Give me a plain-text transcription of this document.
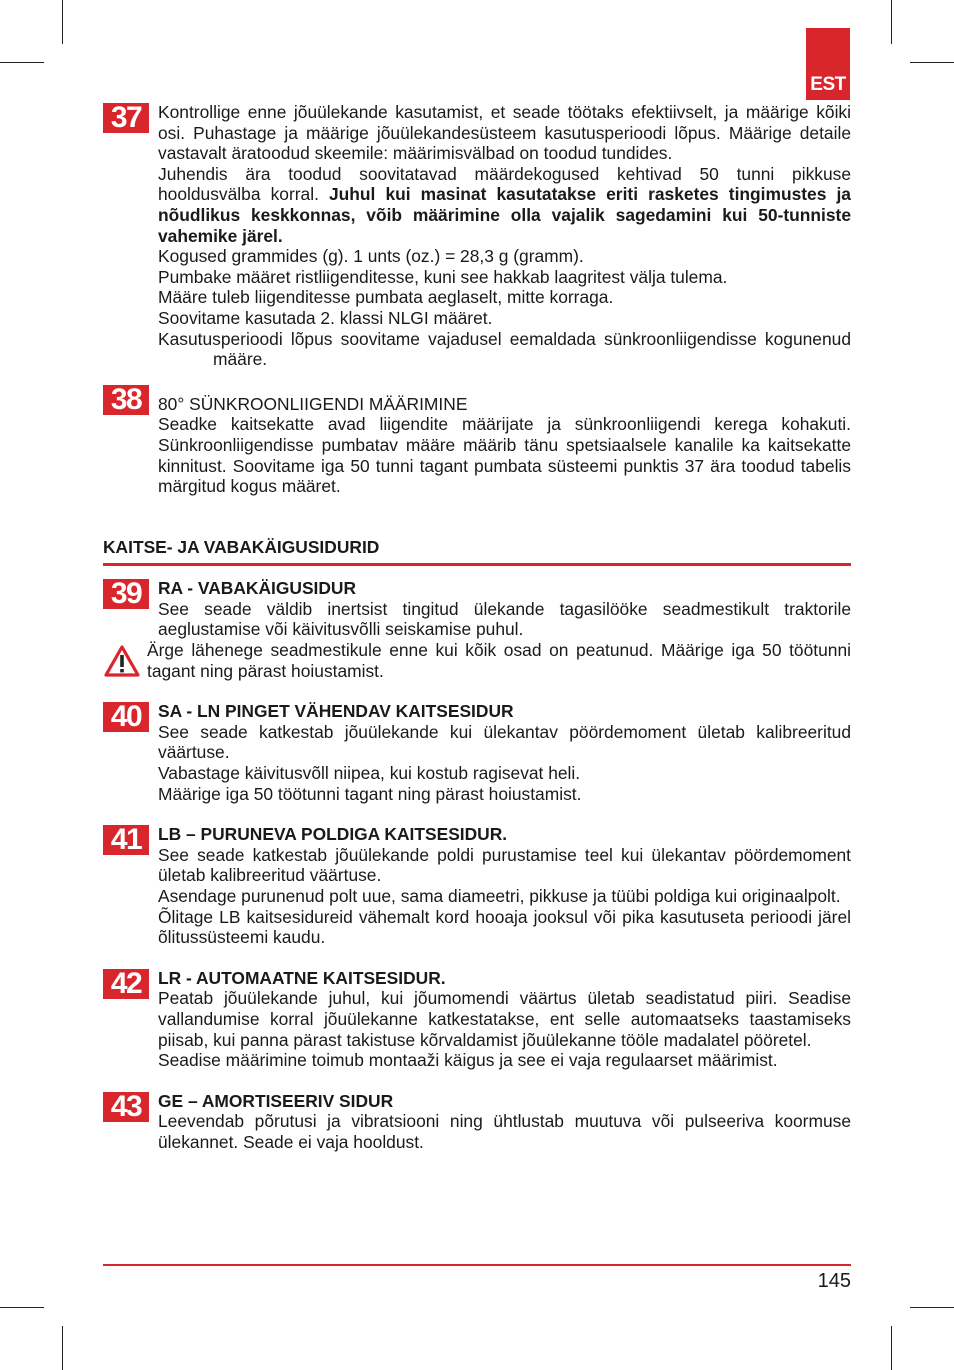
EST
37 Kontrollige enne jõuülekande kasutamist, et seade töötaks efektiivselt, ja määrige kõiki osi. Puhastage ja määrige jõuülekandesüsteem kasutusperioodi lõpus. Määrige detaile vastavalt äratoodud skeemile: määrimisvälbad on toodud tundides.

Juhendis ära toodud soovitatavad määrdekogused kehtivad 50 tunni pikkuse hooldusvälba korral. Juhul kui masinat kasutatakse eriti rasketes tingimustes ja nõudlikus keskkonnas, võib määrimine olla vajalik sagedamini kui 50-tunniste vahemike järel.

Kogused grammides (g). 1 unts (oz.) = 28,3 g (gramm).

Pumbake määret ristliigenditesse, kuni see hakkab laagritest välja tulema.

Määre tuleb liigenditesse pumbata aeglaselt, mitte korraga.

Soovitame kasutada 2. klassi NLGI määret.

Kasutusperioodi lõpus soovitame vajadusel eemaldada sünkroonliigendisse kogunenud määre.

38 80° SÜNKROONLIIGENDI MÄÄRIMINE

Seadke kaitsekatte avad liigendite määrijate ja sünkroonliigendi kerega kohakuti. Sünkroonliigendisse pumbatav määre määrib tänu spetsiaalsele kanalile ka kaitsekatte kinnitust. Soovitame iga 50 tunni tagant pumbata süsteemi punktis 37 ära toodud tabelis märgitud kogus määret.

KAITSE- JA VABAKÄIGUSIDURID
39 RA - VABAKÄIGUSIDUR

See seade väldib inertsist tingitud ülekande tagasilööke seadmestikult traktorile aeglustamise või käivitusvõlli seiskamise puhul.

Ärge lähenege seadmestikule enne kui kõik osad on peatunud. Määrige iga 50 töötunni tagant ning pärast hoiustamist.
40 SA - LN PINGET VÄHENDAV KAITSESIDUR

See seade katkestab jõuülekande kui ülekantav pöördemoment ületab kalibreeritud väärtuse.

Vabastage käivitusvõll niipea, kui kostub ragisevat heli.

Määrige iga 50 töötunni tagant ning pärast hoiustamist.

41 LB – PURUNEVA POLDIGA KAITSESIDUR.

See seade katkestab jõuülekande poldi purustamise teel kui ülekantav pöördemoment ületab kalibreeritud väärtuse.

Asendage purunenud polt uue, sama diameetri, pikkuse ja tüübi poldiga kui originaalpolt.

Õlitage LB kaitsesidureid vähemalt kord hooaja jooksul või pika kasutuseta perioodi järel õlitussüsteemi kaudu.

42 LR - AUTOMAATNE KAITSESIDUR.

Peatab jõuülekande juhul, kui jõumomendi väärtus ületab seadistatud piiri. Seadise vallandumise korral jõuülekanne katkestatakse, ent selle automaatseks taastamiseks piisab, kui panna pärast takistuse kõrvaldamist jõuülekanne tööle madalatel pööretel.

Seadise määrimine toimub montaaži käigus ja see ei vaja regulaarset määrimist.

43 GE – AMORTISEERIV SIDUR

Leevendab põrutusi ja vibratsiooni ning ühtlustab muutuva või pulseeriva koormuse ülekannet. Seade ei vaja hooldust.

145
